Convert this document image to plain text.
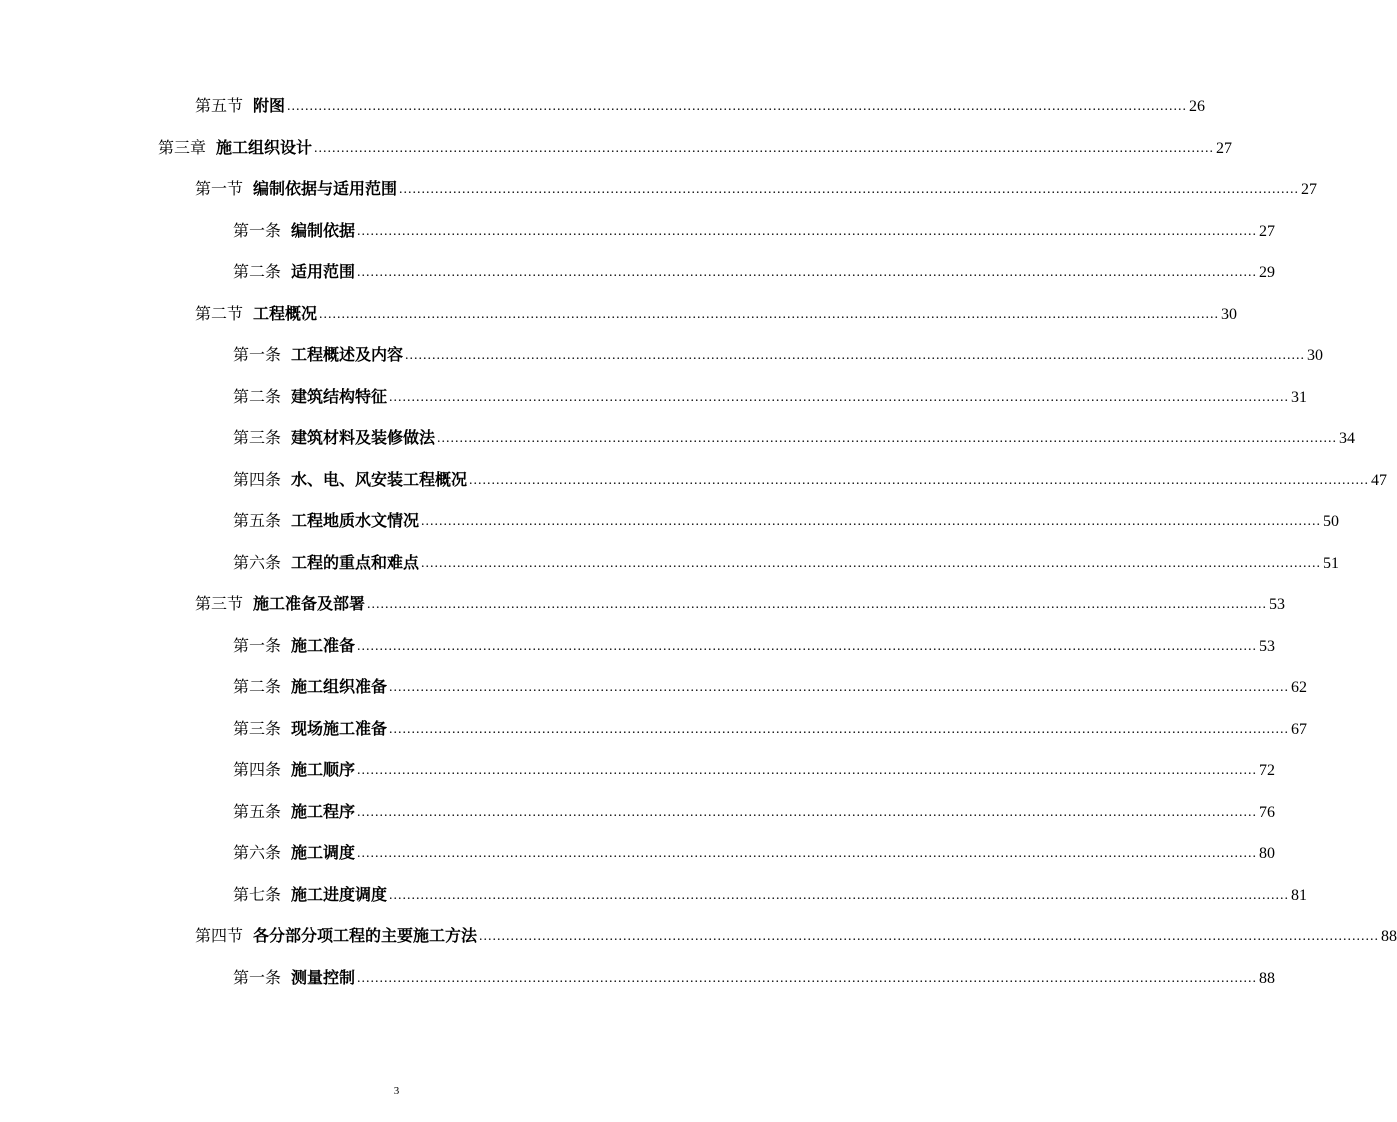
第五节 附图 ........................................................................................................................................................................................................ 26
第三章 施工组织设计 ........................................................................................................................................................................................................ 27
第一节 编制依据与适用范围 ........................................................................................................................................................................................................ 27
第一条 编制依据 ........................................................................................................................................................................................................ 27
第二条 适用范围 ........................................................................................................................................................................................................ 29
第二节 工程概况 ........................................................................................................................................................................................................ 30
第一条 工程概述及内容 ........................................................................................................................................................................................................ 30
第二条 建筑结构特征 ........................................................................................................................................................................................................ 31
第三条 建筑材料及装修做法 ........................................................................................................................................................................................................ 34
第四条 水、电、风安装工程概况 ........................................................................................................................................................................................................ 47
第五条 工程地质水文情况 ........................................................................................................................................................................................................ 50
第六条 工程的重点和难点 ........................................................................................................................................................................................................ 51
第三节 施工准备及部署 ........................................................................................................................................................................................................ 53
第一条 施工准备 ........................................................................................................................................................................................................ 53
第二条 施工组织准备 ........................................................................................................................................................................................................ 62
第三条 现场施工准备 ........................................................................................................................................................................................................ 67
第四条 施工顺序 ........................................................................................................................................................................................................ 72
第五条 施工程序 ........................................................................................................................................................................................................ 76
第六条 施工调度 ........................................................................................................................................................................................................ 80
第七条 施工进度调度 ........................................................................................................................................................................................................ 81
第四节 各分部分项工程的主要施工方法 ........................................................................................................................................................................................................ 88
第一条 测量控制 ........................................................................................................................................................................................................ 88
3
